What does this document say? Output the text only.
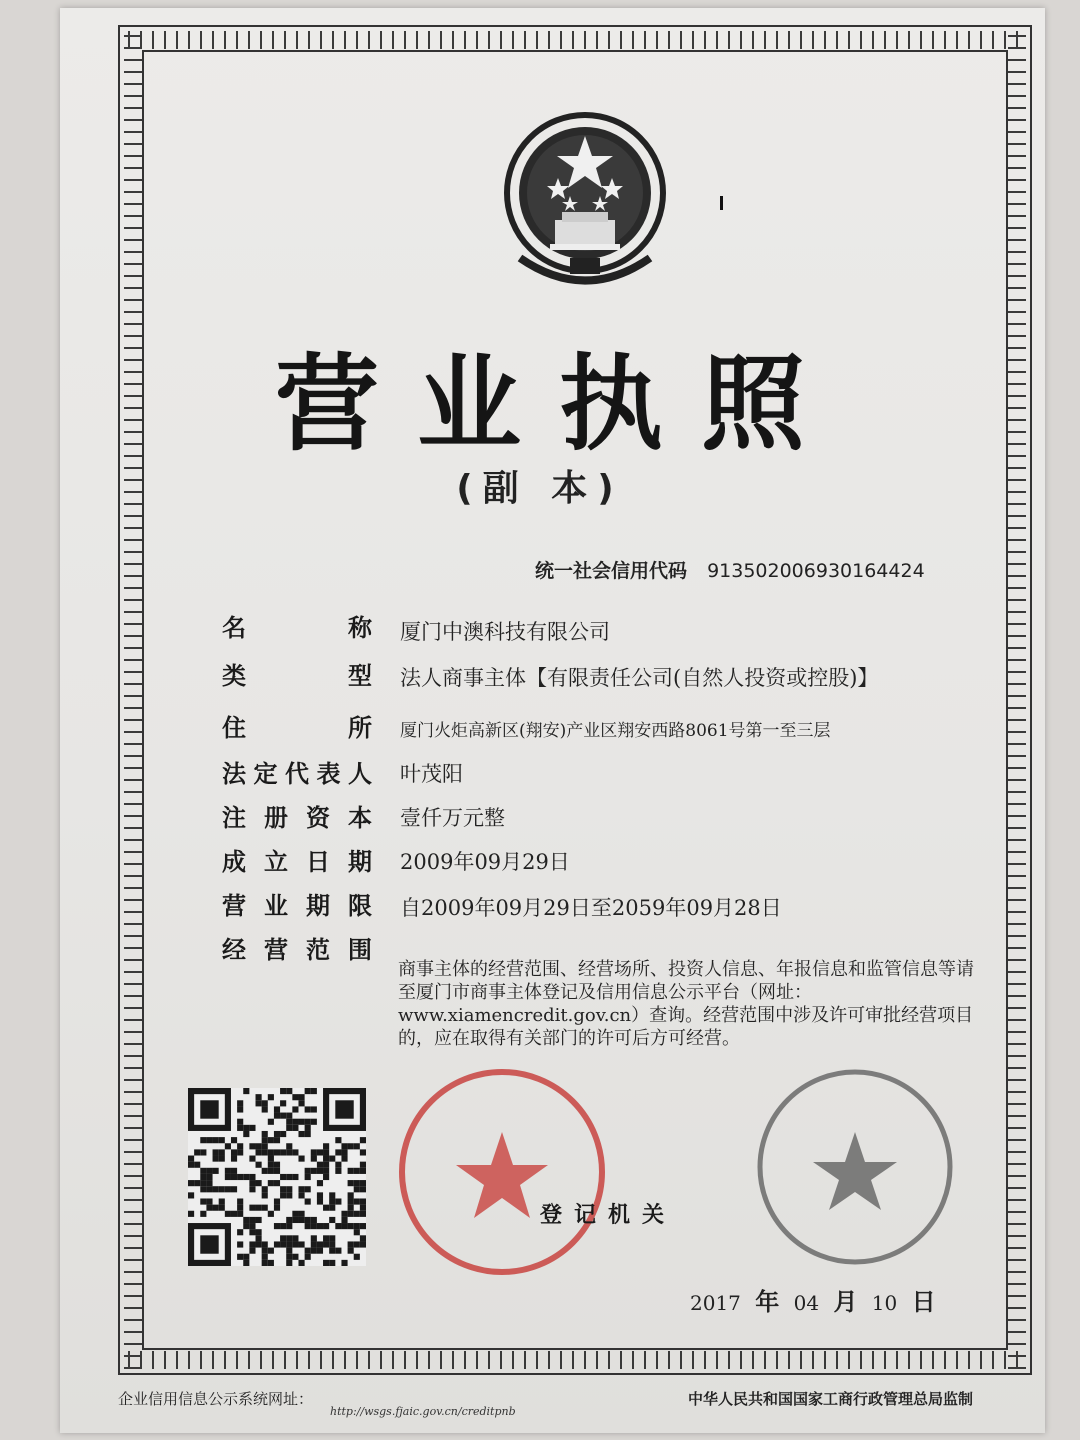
营业执照
(副 本)
统一社会信用代码 913502006930164424
名称 厦门中澳科技有限公司
类型 法人商事主体【有限责任公司(自然人投资或控股)】
住所 厦门火炬高新区(翔安)产业区翔安西路8061号第一至三层
法定代表人 叶茂阳
注册资本 壹仟万元整
成立日期 2009年09月29日
营业期限 自2009年09月29日至2059年09月28日
经营范围
商事主体的经营范围、经营场所、投资人信息、年报信息和监管信息等请至厦门市商事主体登记及信用信息公示平台（网址：www.xiamencredit.gov.cn）查询。经营范围中涉及许可审批经营项目的，应在取得有关部门的许可后方可经营。
登记机关
2017 年 04 月 10 日
企业信用信息公示系统网址：
http://wsgs.fjaic.gov.cn/creditpnb
中华人民共和国国家工商行政管理总局监制
